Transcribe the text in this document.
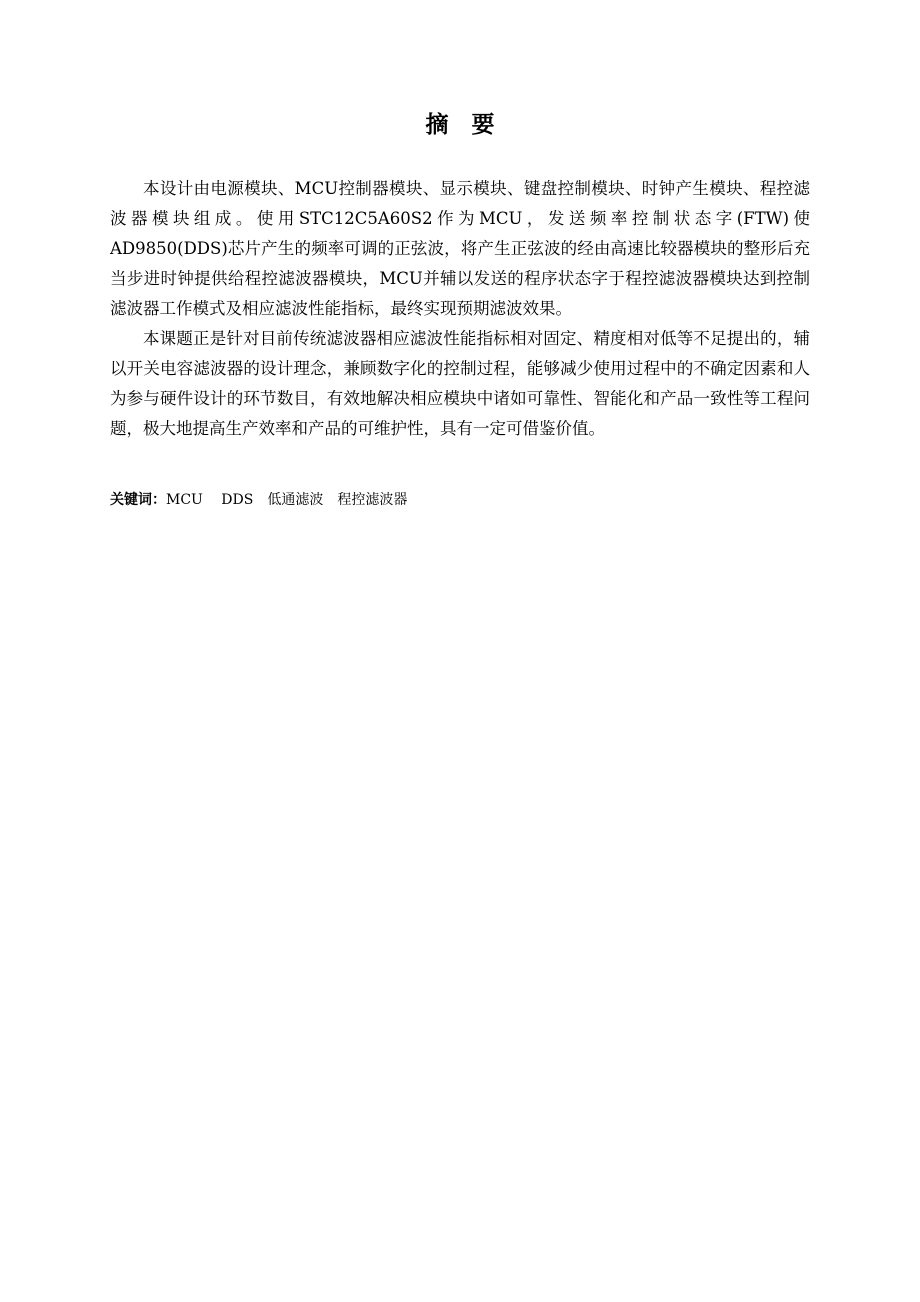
摘　要

本设计由电源模块、MCU控制器模块、显示模块、键盘控制模块、时钟产生模块、程控滤波器模块组成。使用STC12C5A60S2作为MCU，发送频率控制状态字(FTW)使AD9850(DDS)芯片产生的频率可调的正弦波，将产生正弦波的经由高速比较器模块的整形后充当步进时钟提供给程控滤波器模块，MCU并辅以发送的程序状态字于程控滤波器模块达到控制滤波器工作模式及相应滤波性能指标，最终实现预期滤波效果。

本课题正是针对目前传统滤波器相应滤波性能指标相对固定、精度相对低等不足提出的，辅以开关电容滤波器的设计理念，兼顾数字化的控制过程，能够减少使用过程中的不确定因素和人为参与硬件设计的环节数目，有效地解决相应模块中诸如可靠性、智能化和产品一致性等工程问题，极大地提高生产效率和产品的可维护性，具有一定可借鉴价值。

关键词：MCU　 DDS　低通滤波　程控滤波器
